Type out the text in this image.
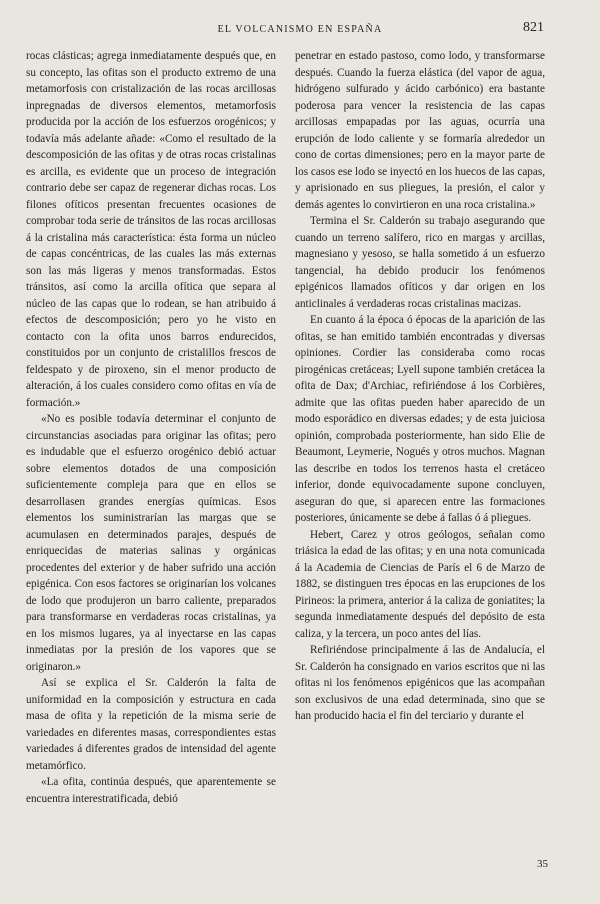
EL VOLCANISMO EN ESPAÑA	821

rocas clásticas; agrega inmediatamente después que, en su concepto, las ofitas son el producto extremo de una metamorfosis con cristalización de las rocas arcillosas inpregnadas de diversos elementos, metamorfosis producida por la acción de los esfuerzos orogénicos; y todavía más adelante añade: «Como el resultado de la descomposición de las ofitas y de otras rocas cristalinas es arcilla, es evidente que un proceso de integración contrario debe ser capaz de regenerar dichas rocas. Los filones ofíticos presentan frecuentes ocasiones de comprobar toda serie de tránsitos de las rocas arcillosas á la cristalina más característica: ésta forma un núcleo de capas concéntricas, de las cuales las más externas son las más ligeras y menos transformadas. Estos tránsitos, así como la arcilla ofítica que separa al núcleo de las capas que lo rodean, se han atribuido á efectos de descomposición; pero yo he visto en contacto con la ofita unos barros endurecidos, constituidos por un conjunto de cristalillos frescos de feldespato y de piroxeno, sin el menor producto de alteración, á los cuales considero como ofitas en vía de formación.»

«No es posible todavía determinar el conjunto de circunstancias asociadas para originar las ofitas; pero es indudable que el esfuerzo orogénico debió actuar sobre elementos dotados de una composición suficientemente compleja para que en ellos se desarrollasen grandes energías químicas. Esos elementos los suministrarían las margas que se acumulasen en determinados parajes, después de enriquecidas de materias salinas y orgánicas procedentes del exterior y de haber sufrido una acción epigénica. Con esos factores se originarían los volcanes de lodo que produjeron un barro caliente, preparados para transformarse en verdaderas rocas cristalinas, ya en los mismos lugares, ya al inyectarse en las capas inmediatas por la presión de los vapores que se originaron.»

Así se explica el Sr. Calderón la falta de uniformidad en la composición y estructura en cada masa de ofita y la repetición de la misma serie de variedades en diferentes masas, correspondientes estas variedades á diferentes grados de intensidad del agente metamórfico.

«La ofita, continúa después, que aparentemente se encuentra interestratificada, debió

penetrar en estado pastoso, como lodo, y transformarse después. Cuando la fuerza elástica (del vapor de agua, hidrógeno sulfurado y ácido carbónico) era bastante poderosa para vencer la resistencia de las capas arcillosas empapadas por las aguas, ocurría una erupción de lodo caliente y se formaría alrededor un cono de cortas dimensiones; pero en la mayor parte de los casos ese lodo se inyectó en los huecos de las capas, y aprisionado en sus pliegues, la presión, el calor y demás agentes lo convirtieron en una roca cristalina.»

Termina el Sr. Calderón su trabajo asegurando que cuando un terreno salífero, rico en margas y arcillas, magnesiano y yesoso, se halla sometido á un esfuerzo tangencial, ha debido producir los fenómenos epigénicos llamados ofíticos y dar origen en los anticlinales á verdaderas rocas cristalinas macizas.

En cuanto á la época ó épocas de la aparición de las ofitas, se han emitido también encontradas y diversas opiniones. Cordier las consideraba como rocas pirogénicas cretáceas; Lyell supone también cretácea la ofita de Dax; d'Archiac, refiriéndose á los Corbières, admite que las ofitas pueden haber aparecido de un modo esporádico en diversas edades; y de esta juiciosa opinión, comprobada posteriormente, han sido Elie de Beaumont, Leymerie, Nogués y otros muchos. Magnan las describe en todos los terrenos hasta el cretáceo inferior, donde equivocadamente supone concluyen, aseguran do que, si aparecen entre las formaciones posteriores, únicamente se debe á fallas ó á pliegues.

Hebert, Carez y otros geólogos, señalan como triásica la edad de las ofitas; y en una nota comunicada á la Academia de Ciencias de París el 6 de Marzo de 1882, se distinguen tres épocas en las erupciones de los Pirineos: la primera, anterior á la caliza de goniatites; la segunda inmediatamente después del depósito de esta caliza, y la tercera, un poco antes del lías.

Refiriéndose principalmente á las de Andalucía, el Sr. Calderón ha consignado en varios escritos que ni las ofitas ni los fenómenos epigénicos que las acompañan son exclusivos de una edad determinada, sino que se han producido hacia el fin del terciario y durante el

35
